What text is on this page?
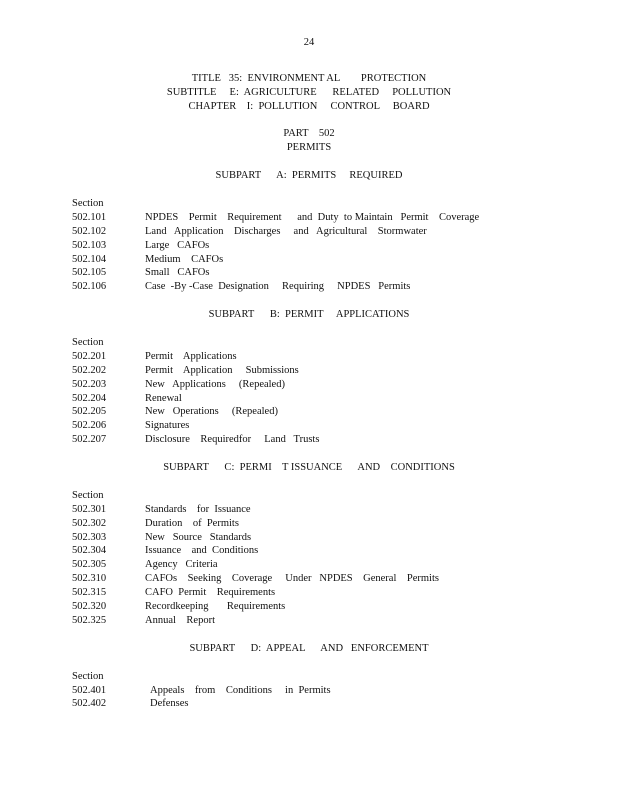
24
TITLE   35:  ENVIRONMENT AL        PROTECTION
SUBTITLE     E:  AGRICULTURE      RELATED     POLLUTION
CHAPTER    I:  POLLUTION     CONTROL     BOARD
PART    502
PERMITS
SUBPART      A:  PERMITS     REQUIRED
Section
502.101	NPDES    Permit    Requirement      and  Duty  to Maintain   Permit    Coverage
502.102	Land   Application    Discharges     and   Agricultural    Stormwater
502.103	Large   CAFOs
502.104	Medium    CAFOs
502.105	Small   CAFOs
502.106	Case  -By -Case  Designation     Requiring     NPDES   Permits
SUBPART      B:  PERMIT     APPLICATIONS
Section
502.201	Permit    Applications
502.202	Permit    Application     Submissions
502.203	New   Applications     (Repealed)
502.204	Renewal
502.205	New   Operations     (Repealed)
502.206	Signatures
502.207	Disclosure    Requiredfor     Land   Trusts
SUBPART      C:  PERMI    T ISSUANCE      AND    CONDITIONS
Section
502.301	Standards    for  Issuance
502.302	Duration    of  Permits
502.303	New   Source   Standards
502.304	Issuance    and  Conditions
502.305	Agency   Criteria
502.310	CAFOs    Seeking    Coverage     Under   NPDES    General    Permits
502.315	CAFO  Permit    Requirements
502.320	Recordkeeping       Requirements
502.325	Annual    Report
SUBPART      D:  APPEAL      AND   ENFORCEMENT
Section
502.401	Appeals    from    Conditions     in  Permits
502.402	Defenses
